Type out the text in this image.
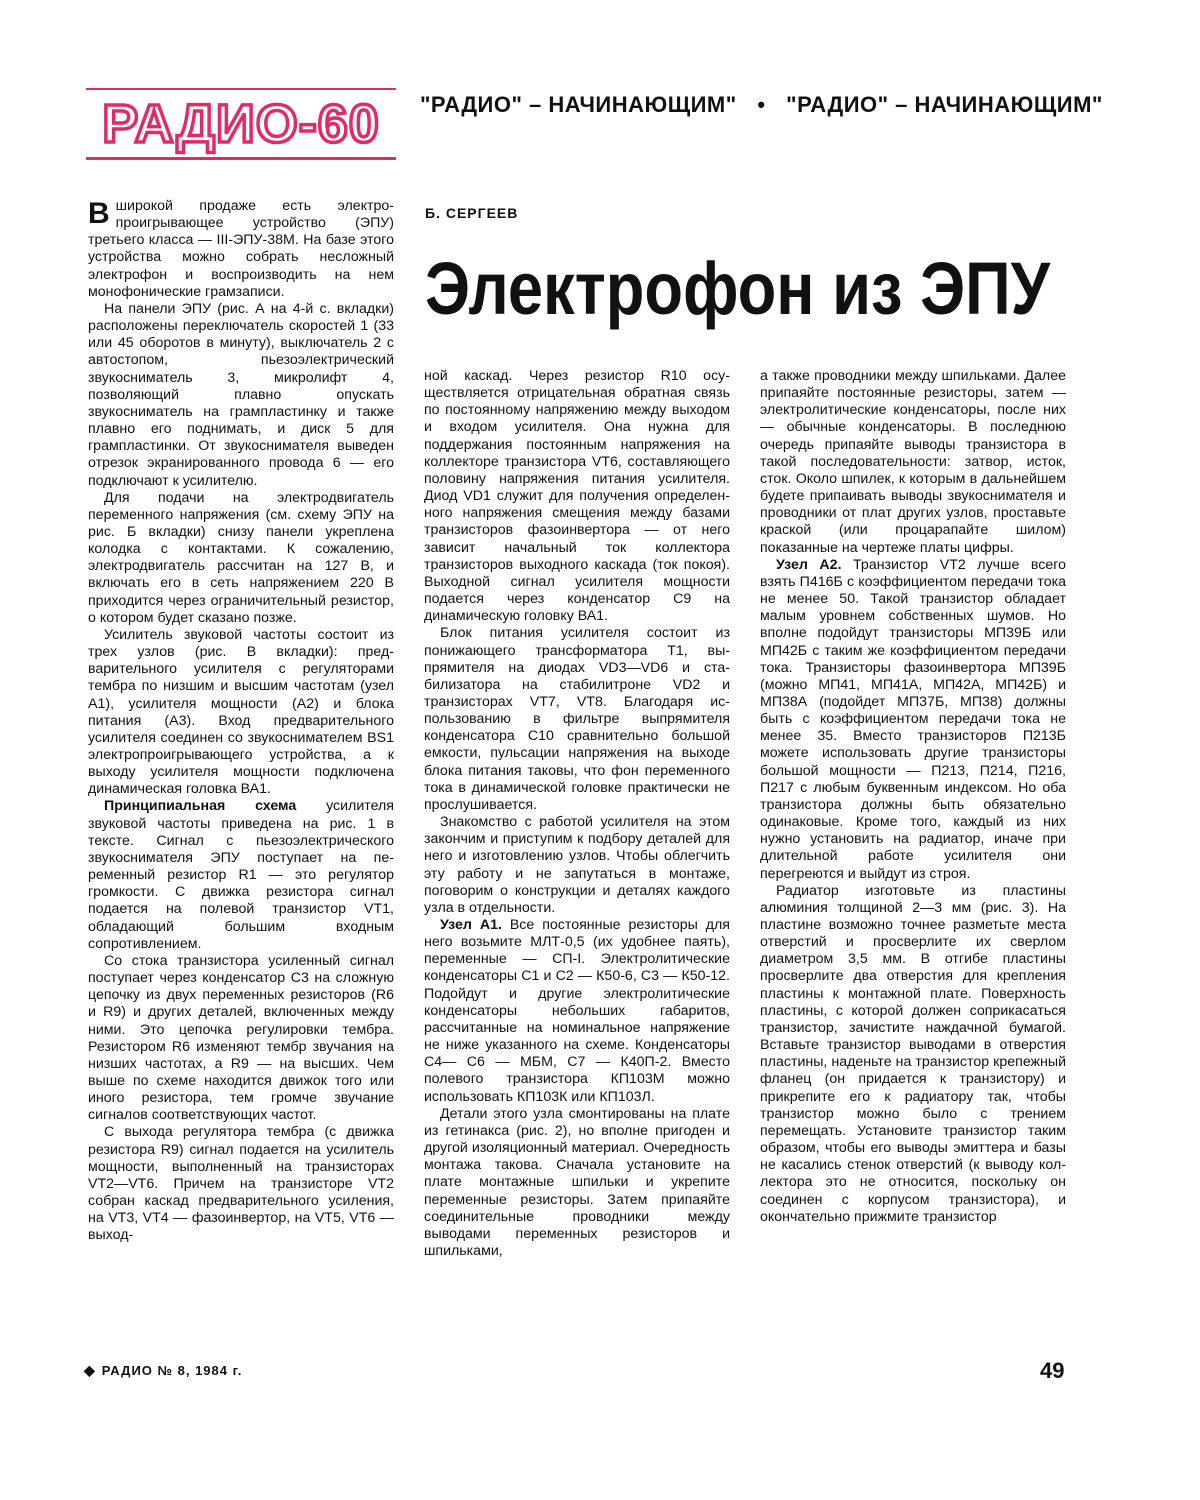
РАДИО-60 "РАДИО" – НАЧИНАЮЩИМ" • "РАДИО" – НАЧИНАЮЩИМ"
Б. СЕРГЕЕВ
Электрофон из ЭПУ

Вширокой продаже есть электропроигрывающее устройство (ЭПУ) третьего класса — III-ЭПУ-38М. На базе этого устройства можно собрать несложный электрофон и воспроизводить на нем монофонические грамзаписи.

На панели ЭПУ (рис. А на 4-й с. вкладки) расположены переключатель скоростей 1 (33 или 45 оборотов в минуту), выключатель 2 с автостопом, пьезоэлектрический звукосниматель 3, микролифт 4, позволяющий плавно опускать звукосниматель на грампластинку и также плавно его поднимать, и диск 5 для грампластинки. От звукоснимателя выведен отрезок экранированного провода 6 — его подключают к усилителю.

Для подачи на электродвигатель переменного напряжения (см. схему ЭПУ на рис. Б вкладки) снизу панели укреплена колодка с контактами. К сожалению, электродвигатель рассчитан на 127 В, и включать его в сеть напряжением 220 В приходится через ограничительный резистор, о котором будет сказано позже.

Усилитель звуковой частоты состоит из трех узлов (рис. В вкладки): предварительного усилителя с регуляторами тембра по низшим и высшим частотам (узел А1), усилителя мощности (А2) и блока питания (А3). Вход предварительного усилителя соединен со звукоснимателем BS1 электропроигрывающего устройства, а к выходу усилителя мощности подключена динамическая головка ВА1.

Принципиальная схема усилителя звуковой частоты приведена на рис. 1 в тексте. Сигнал с пьезоэлектрического звукоснимателя ЭПУ поступает на переменный резистор R1 — это регулятор громкости. С движка резистора сигнал подается на полевой транзистор VT1, обладающий большим входным сопротивлением.

Со стока транзистора усиленный сигнал поступает через конденсатор С3 на сложную цепочку из двух переменных резисторов (R6 и R9) и других деталей, включенных между ними. Это цепочка регулировки тембра. Резистором R6 изменяют тембр звучания на низших частотах, а R9 — на высших. Чем выше по схеме находится движок того или иного резистора, тем громче звучание сигналов соответствующих частот.

С выхода регулятора тембра (с движка резистора R9) сигнал подается на усилитель мощности, выполненный на транзисторах VT2—VT6. Причем на транзисторе VT2 собран каскад предварительного усиления, на VT3, VT4 — фазоинвертор, на VT5, VT6 — выход-

ной каскад. Через резистор R10 осуществляется отрицательная обратная связь по постоянному напряжению между выходом и входом усилителя. Она нужна для поддержания постоянным напряжения на коллекторе транзистора VT6, составляющего половину напряжения питания усилителя. Диод VD1 служит для получения определенного напряжения смещения между базами транзисторов фазоинвертора — от него зависит начальный ток коллектора транзисторов выходного каскада (ток покоя). Выходной сигнал усилителя мощности подается через конденсатор С9 на динамическую головку ВА1.

Блок питания усилителя состоит из понижающего трансформатора Т1, выпрямителя на диодах VD3—VD6 и стабилизатора на стабилитроне VD2 и транзисторах VT7, VT8. Благодаря использованию в фильтре выпрямителя конденсатора С10 сравнительно большой емкости, пульсации напряжения на выходе блока питания таковы, что фон переменного тока в динамической головке практически не прослушивается.

Знакомство с работой усилителя на этом закончим и приступим к подбору деталей для него и изготовлению узлов. Чтобы облегчить эту работу и не запутаться в монтаже, поговорим о конструкции и деталях каждого узла в отдельности.

Узел А1. Все постоянные резисторы для него возьмите МЛТ-0,5 (их удобнее паять), переменные — СП-I. Электролитические конденсаторы С1 и С2 — К50-6, С3 — К50-12. Подойдут и другие электролитические конденсаторы небольших габаритов, рассчитанные на номинальное напряжение не ниже указанного на схеме. Конденсаторы С4— С6 — МБМ, С7 — К40П-2. Вместо полевого транзистора КП103М можно использовать КП103К или КП103Л.

Детали этого узла смонтированы на плате из гетинакса (рис. 2), но вполне пригоден и другой изоляционный материал. Очередность монтажа такова. Сначала установите на плате монтажные шпильки и укрепите переменные резисторы. Затем припаяйте соединительные проводники между выводами переменных резисторов и шпильками,

а также проводники между шпильками. Далее припаяйте постоянные резисторы, затем — электролитические конденсаторы, после них — обычные конденсаторы. В последнюю очередь припаяйте выводы транзистора в такой последовательности: затвор, исток, сток. Около шпилек, к которым в дальнейшем будете припаивать выводы звукоснимателя и проводники от плат других узлов, проставьте краской (или процарапайте шилом) показанные на чертеже платы цифры.

Узел А2. Транзистор VT2 лучше всего взять П416Б с коэффициентом передачи тока не менее 50. Такой транзистор обладает малым уровнем собственных шумов. Но вполне подойдут транзисторы МП39Б или МП42Б с таким же коэффициентом передачи тока. Транзисторы фазоинвертора МП39Б (можно МП41, МП41А, МП42А, МП42Б) и МП38А (подойдет МП37Б, МП38) должны быть с коэффициентом передачи тока не менее 35. Вместо транзисторов П213Б можете использовать другие транзисторы большой мощности — П213, П214, П216, П217 с любым буквенным индексом. Но оба транзистора должны быть обязательно одинаковые. Кроме того, каждый из них нужно установить на радиатор, иначе при длительной работе усилителя они перегреются и выйдут из строя.

Радиатор изготовьте из пластины алюминия толщиной 2—3 мм (рис. 3). На пластине возможно точнее разметьте места отверстий и просверлите их сверлом диаметром 3,5 мм. В отгибе пластины просверлите два отверстия для крепления пластины к монтажной плате. Поверхность пластины, с которой должен соприкасаться транзистор, зачистите наждачной бумагой. Вставьте транзистор выводами в отверстия пластины, наденьте на транзистор крепежный фланец (он придается к транзистору) и прикрепите его к радиатору так, чтобы транзистор можно было с трением перемещать. Установите транзистор таким образом, чтобы его выводы эмиттера и базы не касались стенок отверстий (к выводу коллектора это не относится, поскольку он соединен с корпусом транзистора), и окончательно прижмите транзистор

◆ РАДИО № 8, 1984 г.	49
